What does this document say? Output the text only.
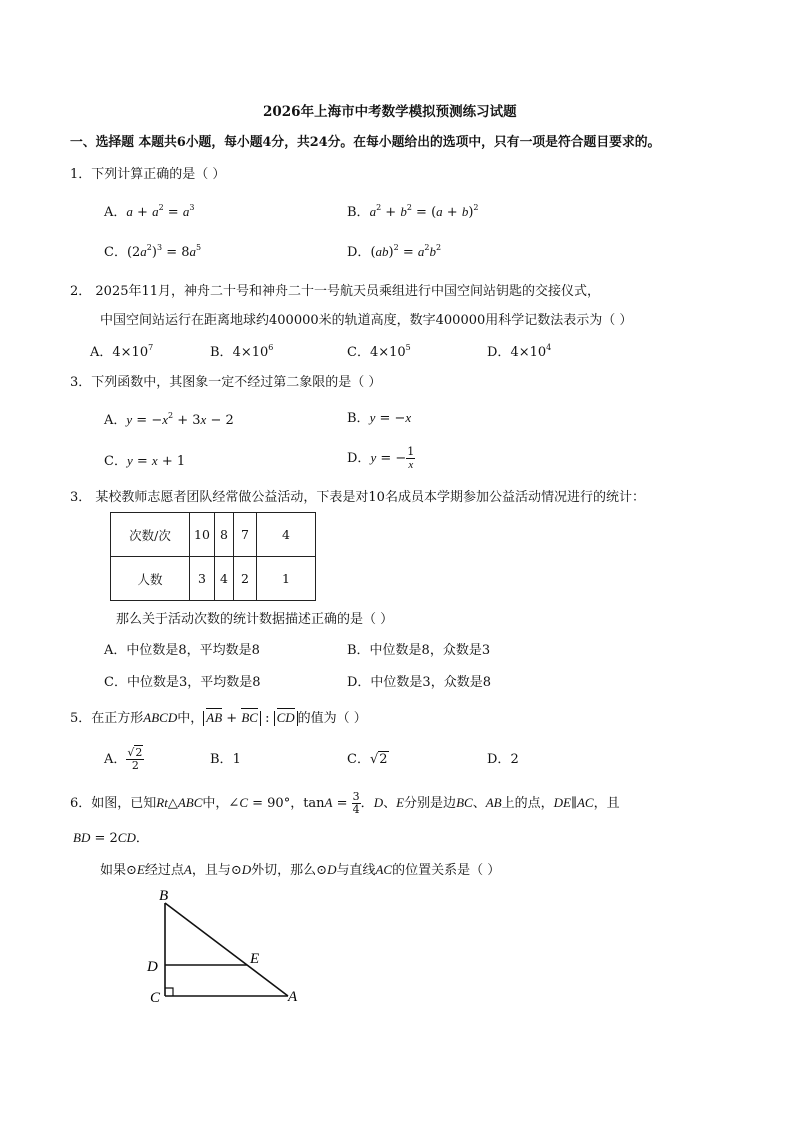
2026年上海市中考数学模拟预测练习试题
一、选择题 本题共6小题，每小题4分，共24分。在每小题给出的选项中，只有一项是符合题目要求的。
1．下列计算正确的是（ ）
A．$a + a^2 = a^3$	B．$a^2 + b^2 = (a + b)^2$
C．$(2a^2)^3 = 8a^5$	D．$(ab)^2 = a^2b^2$
2． 2025年11月，神舟二十号和神舟二十一号航天员乘组进行中国空间站钥匙的交接仪式，
中国空间站运行在距离地球约400000米的轨道高度，数字400000用科学记数法表示为（ ）
A．$4\times 10^7$	B．$4\times 10^6$	C．$4\times 10^5$	D．$4\times 10^4$
3．下列函数中，其图象一定不经过第二象限的是（ ）
A．$y = -x^2 + 3x - 2$	B．y = −x
C．y = x + 1	D．y = − $\frac{1}{x}$
3． 某校教师志愿者团队经常做公益活动，下表是对10名成员本学期参加公益活动情况进行的统计：
次数/次	10	8	7	4
人数	3	4	2	1
那么关于活动次数的统计数据描述正确的是（ ）
A．中位数是8，平均数是8	B．中位数是8，众数是3
C．中位数是3，平均数是8	D．中位数是3，众数是8
5．在正方形ABCD中， AB + BC : CD 的值为（ ）
A． $\frac{√2}{2}$	B．1	C．√2	D．2
6．如图，已知Rt△ABC中，∠C = 90°，$\tan A = \frac{3}{4}$ ．D、E分别是边BC、AB上的点，DE∥AC，且
BD = 2CD．
如果⊙E经过点A，且与⊙D外切，那么⊙D与直线AC的位置关系是（ ）
B
D
C
E
A
